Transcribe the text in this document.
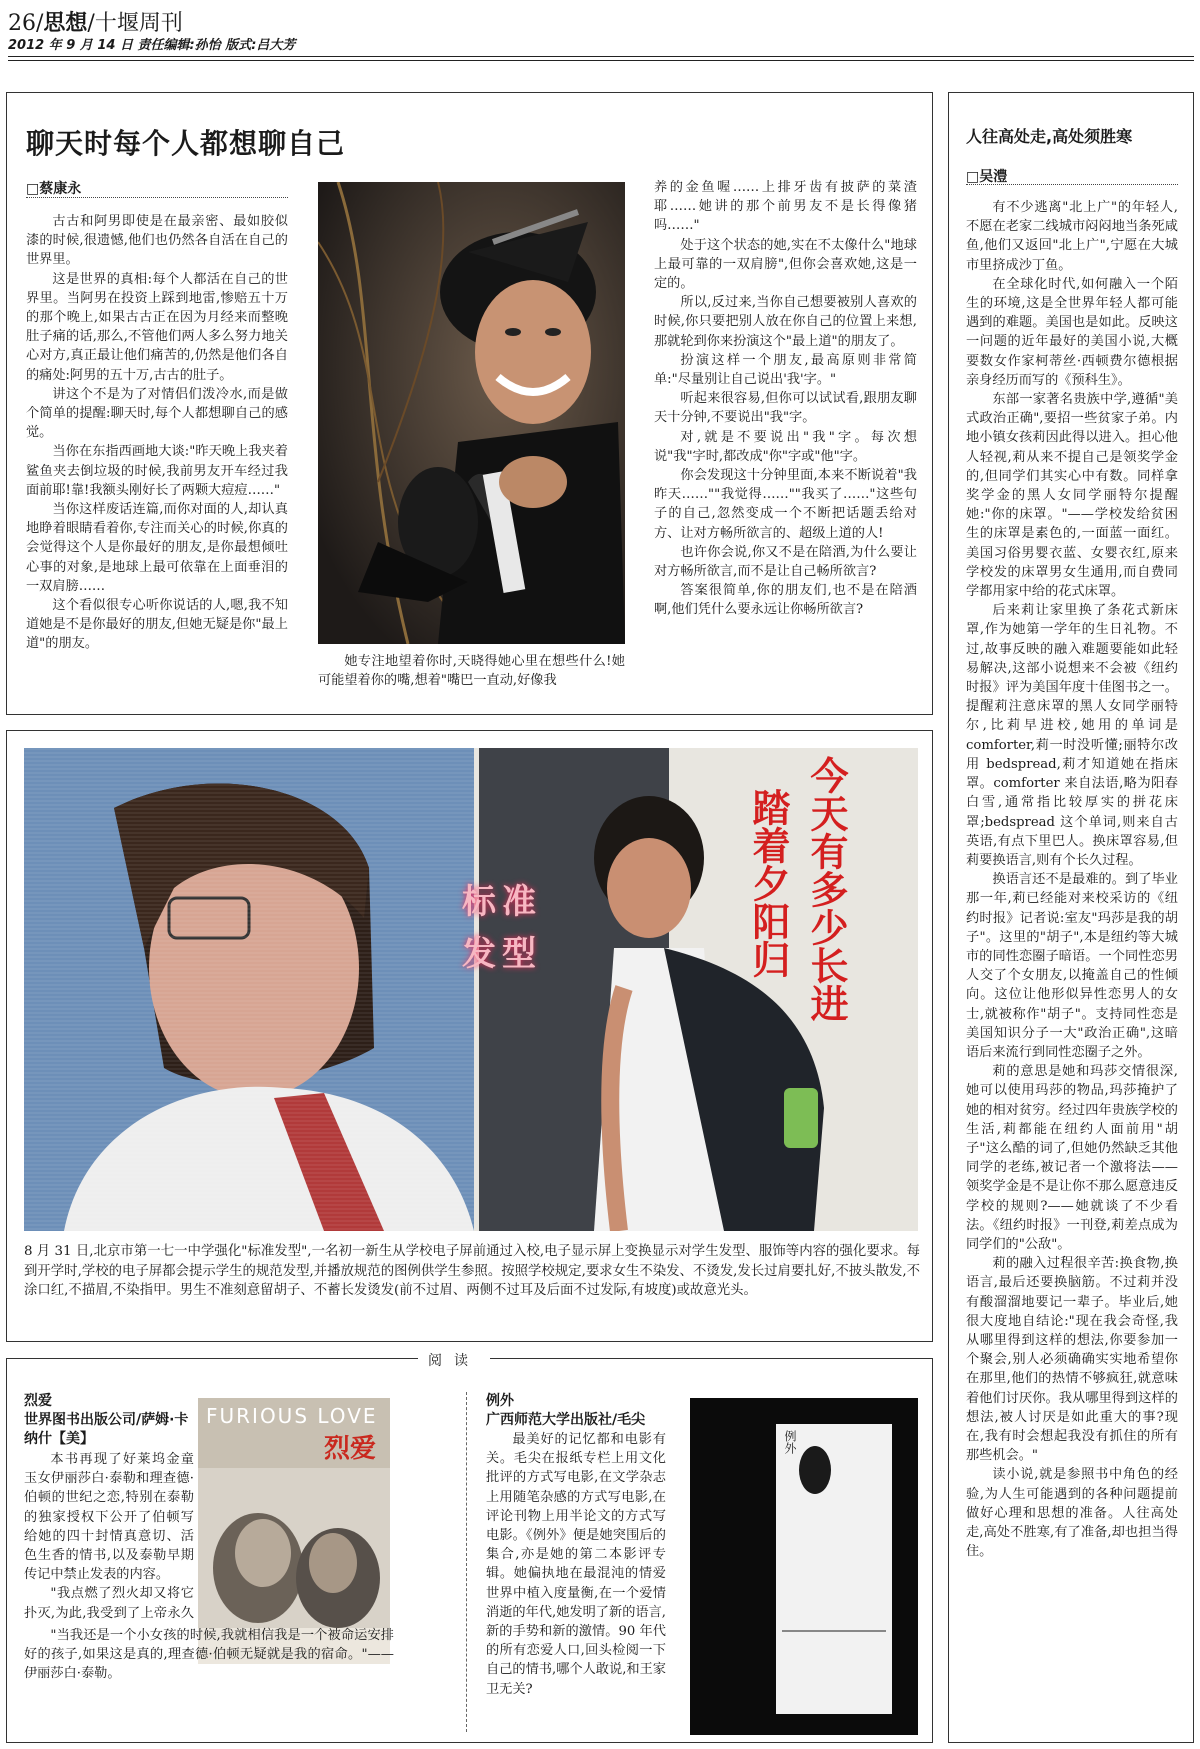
26/思想/十堰周刊
2012 年 9 月 14 日 责任编辑:孙怡 版式:吕大芳
聊天时每个人都想聊自己
□蔡康永

古古和阿男即使是在最亲密、最如胶似漆的时候,很遗憾,他们也仍然各自活在自己的世界里。

这是世界的真相:每个人都活在自己的世界里。当阿男在投资上踩到地雷,惨赔五十万的那个晚上,如果古古正在因为月经来而整晚肚子痛的话,那么,不管他们两人多么努力地关心对方,真正最让他们痛苦的,仍然是他们各自的痛处:阿男的五十万,古古的肚子。

讲这个不是为了对情侣们泼冷水,而是做个简单的提醒:聊天时,每个人都想聊自己的感觉。

当你在东指西画地大谈:"昨天晚上我夹着鲨鱼夹去倒垃圾的时候,我前男友开车经过我面前耶!靠!我额头刚好长了两颗大痘痘……"

当你这样废话连篇,而你对面的人,却认真地睁着眼睛看着你,专注而关心的时候,你真的会觉得这个人是你最好的朋友,是你最想倾吐心事的对象,是地球上最可依靠在上面垂泪的一双肩膀……

这个看似很专心听你说话的人,嗯,我不知道她是不是你最好的朋友,但她无疑是你"最上道"的朋友。

她专注地望着你时,天晓得她心里在想些什么!她可能望着你的嘴,想着"嘴巴一直动,好像我

养的金鱼喔……上排牙齿有披萨的菜渣耶……她讲的那个前男友不是长得像猪吗……"

处于这个状态的她,实在不太像什么"地球上最可靠的一双肩膀",但你会喜欢她,这是一定的。

所以,反过来,当你自己想要被别人喜欢的时候,你只要把别人放在你自己的位置上来想,那就轮到你来扮演这个"最上道"的朋友了。

扮演这样一个朋友,最高原则非常简单:"尽量别让自己说出'我'字。"

听起来很容易,但你可以试试看,跟朋友聊天十分钟,不要说出"我"字。

对,就是不要说出"我"字。每次想说"我"字时,都改成"你"字或"他"字。

你会发现这十分钟里面,本来不断说着"我昨天……""我觉得……""我买了……"这些句子的自己,忽然变成一个不断把话题丢给对方、让对方畅所欲言的、超级上道的人!

也许你会说,你又不是在陪酒,为什么要让对方畅所欲言,而不是让自己畅所欲言?

答案很简单,你的朋友们,也不是在陪酒啊,他们凭什么要永远让你畅所欲言?

标准
发型	今天有多少长进
踏着夕阳归
8 月 31 日,北京市第一七一中学强化"标准发型",一名初一新生从学校电子屏前通过入校,电子显示屏上变换显示对学生发型、服饰等内容的强化要求。每到开学时,学校的电子屏都会提示学生的规范发型,并播放规范的图例供学生参照。按照学校规定,要求女生不染发、不烫发,发长过肩要扎好,不披头散发,不涂口红,不描眉,不染指甲。男生不准刻意留胡子、不蓄长发烫发(前不过眉、两侧不过耳及后面不过发际,有坡度)或故意光头。
阅读
烈爱
世界图书出版公司/萨姆·卡纳什【美】

本书再现了好莱坞金童玉女伊丽莎白·泰勒和理查德·伯顿的世纪之恋,特别在泰勒的独家授权下公开了伯顿写给她的四十封情真意切、活色生香的情书,以及泰勒早期传记中禁止发表的内容。

"我点燃了烈火却又将它扑灭,为此,我受到了上帝永久

FURIOUS LOVE
烈爱

"当我还是一个小女孩的时候,我就相信我是一个被命运安排好的孩子,如果这是真的,理查德·伯顿无疑就是我的宿命。"——伊丽莎白·泰勒。

例外
广西师范大学出版社/毛尖

最美好的记忆都和电影有关。毛尖在报纸专栏上用文化批评的方式写电影,在文学杂志上用随笔杂感的方式写电影,在评论刊物上用半论文的方式写电影。《例外》便是她突围后的集合,亦是她的第二本影评专辑。她偏执地在最混沌的情爱世界中植入度量衡,在一个爱情消逝的年代,她发明了新的语言,新的手势和新的激情。90 年代的所有恋爱人口,回头检阅一下自己的情书,哪个人敢说,和王家卫无关?

例外
人往高处走,高处须胜寒
□吴澧

有不少逃离"北上广"的年轻人,不愿在老家二线城市闷闷地当条死咸鱼,他们又返回"北上广",宁愿在大城市里挤成沙丁鱼。

在全球化时代,如何融入一个陌生的环境,这是全世界年轻人都可能遇到的难题。美国也是如此。反映这一问题的近年最好的美国小说,大概要数女作家柯蒂丝·西顿费尔德根据亲身经历而写的《预科生》。

东部一家著名贵族中学,遵循"美式政治正确",要招一些贫家子弟。内地小镇女孩莉因此得以进入。担心他人轻视,莉从来不提自己是领奖学金的,但同学们其实心中有数。同样拿奖学金的黑人女同学丽特尔提醒她:"你的床罩。"——学校发给贫困生的床罩是素色的,一面蓝一面红。美国习俗男婴衣蓝、女婴衣红,原来学校发的床罩男女生通用,而自费同学都用家中给的花式床罩。

后来莉让家里换了条花式新床罩,作为她第一学年的生日礼物。不过,故事反映的融入难题要能如此轻易解决,这部小说想来不会被《纽约时报》评为美国年度十佳图书之一。提醒莉注意床罩的黑人女同学丽特尔,比莉早进校,她用的单词是 comforter,莉一时没听懂;丽特尔改用 bedspread,莉才知道她在指床罩。comforter 来自法语,略为阳春白雪,通常指比较厚实的拼花床罩;bedspread 这个单词,则来自古英语,有点下里巴人。换床罩容易,但莉要换语言,则有个长久过程。

换语言还不是最难的。到了毕业那一年,莉已经能对来校采访的《纽约时报》记者说:室友"玛莎是我的胡子"。这里的"胡子",本是纽约等大城市的同性恋圈子暗语。一个同性恋男人交了个女朋友,以掩盖自己的性倾向。这位让他形似异性恋男人的女士,就被称作"胡子"。支持同性恋是美国知识分子一大"政治正确",这暗语后来流行到同性恋圈子之外。

莉的意思是她和玛莎交情很深,她可以使用玛莎的物品,玛莎掩护了她的相对贫穷。经过四年贵族学校的生活,莉都能在纽约人面前用"胡子"这么酷的词了,但她仍然缺乏其他同学的老练,被记者一个激将法——领奖学金是不是让你不那么愿意违反学校的规则?——她就谈了不少看法。《纽约时报》一刊登,莉差点成为同学们的"公敌"。

莉的融入过程很辛苦:换食物,换语言,最后还要换脑筋。不过莉并没有酸溜溜地要记一辈子。毕业后,她很大度地自结论:"现在我会奇怪,我从哪里得到这样的想法,你要参加一个聚会,别人必须确确实实地希望你在那里,他们的热情不够疯狂,就意味着他们讨厌你。我从哪里得到这样的想法,被人讨厌是如此重大的事?现在,我有时会想起我没有抓住的所有那些机会。"

读小说,就是参照书中角色的经验,为人生可能遇到的各种问题提前做好心理和思想的准备。人往高处走,高处不胜寒,有了准备,却也担当得住。
